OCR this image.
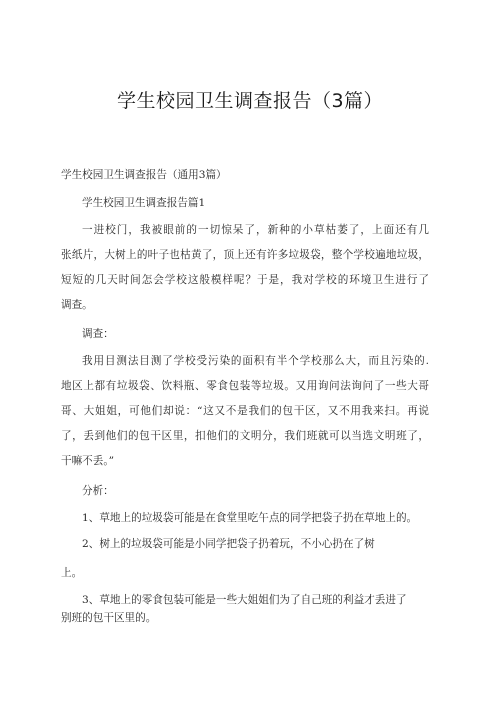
学生校园卫生调查报告（3篇）
学生校园卫生调查报告（通用3篇）
学生校园卫生调查报告篇1
一进校门，我被眼前的一切惊呆了，新种的小草枯萎了，上面还有几
张纸片，大树上的叶子也枯黄了，顶上还有许多垃圾袋，整个学校遍地垃圾，
短短的几天时间怎会学校这般模样呢？于是，我对学校的环境卫生进行了
调查。
调查：
我用目测法目测了学校受污染的面积有半个学校那么大，而且污染的.
地区上都有垃圾袋、饮料瓶、零食包装等垃圾。又用询问法询问了一些大哥
哥、大姐姐，可他们却说：“这又不是我们的包干区，又不用我来扫。再说
了，丢到他们的包干区里，扣他们的文明分，我们班就可以当选文明班了，
干嘛不丢。”
分析：
1、草地上的垃圾袋可能是在食堂里吃午点的同学把袋子扔在草地上的。
2、树上的垃圾袋可能是小同学把袋子扔着玩，不小心扔在了树
上。
3、草地上的零食包装可能是一些大姐姐们为了自己班的利益才丢进了
别班的包干区里的。
